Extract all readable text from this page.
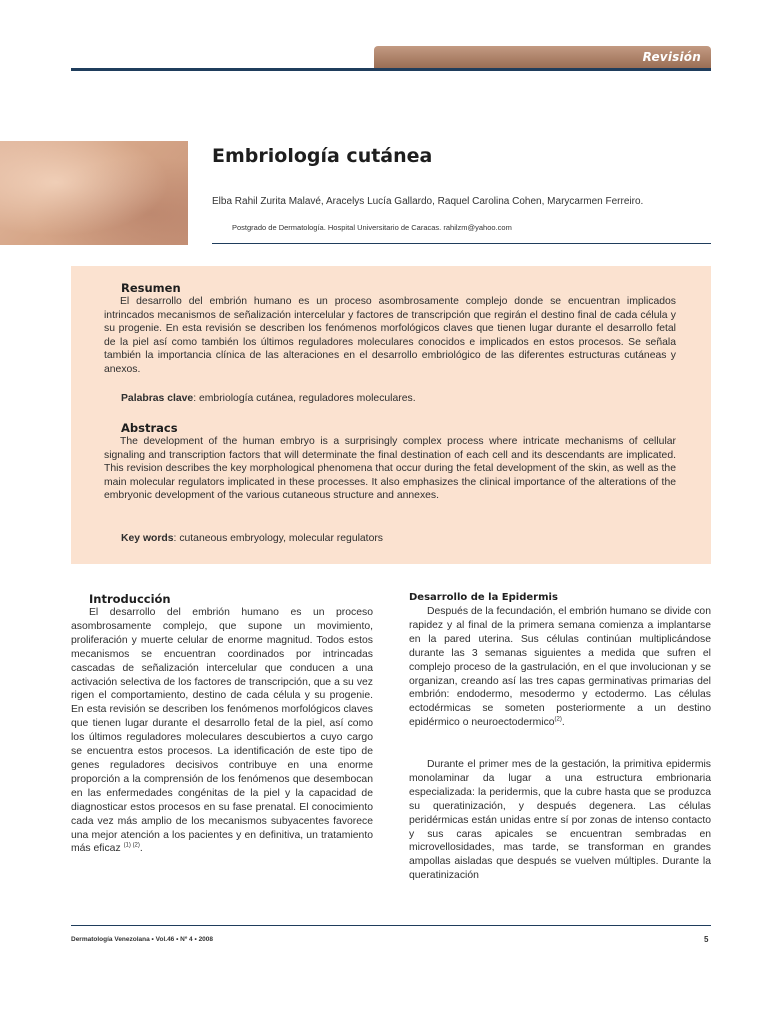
Revisión
Embriología cutánea
Elba Rahil Zurita Malavé, Aracelys Lucía Gallardo, Raquel Carolina Cohen, Marycarmen Ferreiro.
Postgrado de Dermatología. Hospital Universitario de Caracas. rahilzm@yahoo.com
Resumen

El desarrollo del embrión humano es un proceso asombrosamente complejo donde se encuentran implicados intrincados mecanismos de señalización intercelular y factores de transcripción que regirán el destino final de cada célula y su progenie. En esta revisión se describen los fenómenos morfológicos claves que tienen lugar durante el desarrollo fetal de la piel así como también los últimos reguladores moleculares conocidos e implicados en estos procesos. Se señala también la importancia clínica de las alteraciones en el desarrollo embriológico de las diferentes estructuras cutáneas y anexos.

Palabras clave: embriología cutánea, reguladores moleculares.
Abstracs

The development of the human embryo is a surprisingly complex process where intricate mechanisms of cellular signaling and transcription factors that will determinate the final destination of each cell and its descendants are implicated. This revision describes the key morphological phenomena that occur during the fetal development of the skin, as well as the main molecular regulators implicated in these processes. It also emphasizes the clinical importance of the alterations of the embryonic development of the various cutaneous structure and annexes.

Key words: cutaneous embryology, molecular regulators
Introducción

El desarrollo del embrión humano es un proceso asombrosamente complejo, que supone un movimiento, proliferación y muerte celular de enorme magnitud. Todos estos mecanismos se encuentran coordinados por intrincadas cascadas de señalización intercelular que conducen a una activación selectiva de los factores de transcripción, que a su vez rigen el comportamiento, destino de cada célula y su progenie. En esta revisión se describen los fenómenos morfológicos claves que tienen lugar durante el desarrollo fetal de la piel, así como los últimos reguladores moleculares descubiertos a cuyo cargo se encuentra estos procesos. La identificación de este tipo de genes reguladores decisivos contribuye en una enorme proporción a la comprensión de los fenómenos que desembocan en las enfermedades congénitas de la piel y la capacidad de diagnosticar estos procesos en su fase prenatal. El conocimiento cada vez más amplio de los mecanismos subyacentes favorece una mejor atención a los pacientes y en definitiva, un tratamiento más eficaz $^{(1) (2)}$.

Desarrollo de la Epidermis

Después de la fecundación, el embrión humano se divide con rapidez y al final de la primera semana comienza a implantarse en la pared uterina. Sus células continúan multiplicándose durante las 3 semanas siguientes a medida que sufren el complejo proceso de la gastrulación, en el que involucionan y se organizan, creando así las tres capas germinativas primarias del embrión: endodermo, mesodermo y ectodermo. Las células ectodérmicas se someten posteriormente a un destino epidérmico o neuroectodermico$^{(2)}$.

Durante el primer mes de la gestación, la primitiva epidermis monolaminar da lugar a una estructura embrionaria especializada: la peridermis, que la cubre hasta que se produzca su queratinización, y después degenera. Las células peridérmicas están unidas entre sí por zonas de intenso contacto y sus caras apicales se encuentran sembradas en microvellosidades, mas tarde, se transforman en grandes ampollas aisladas que después se vuelven múltiples. Durante la queratinización

Dermatología Venezolana • Vol.46 • Nº 4 • 2008	5
